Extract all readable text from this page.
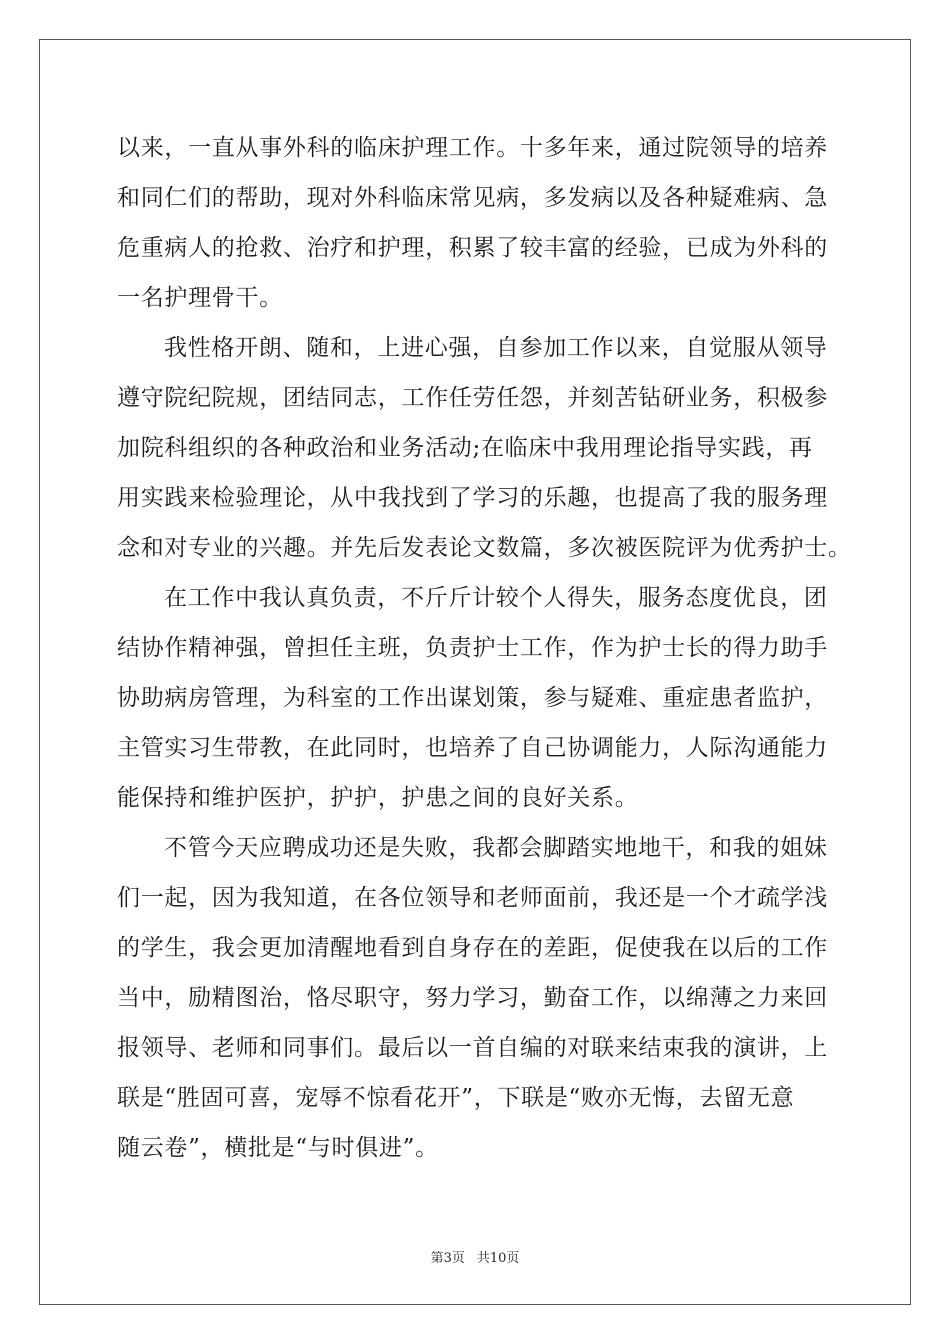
以来，一直从事外科的临床护理工作。十多年来，通过院领导的培养
和同仁们的帮助，现对外科临床常见病，多发病以及各种疑难病、急
危重病人的抢救、治疗和护理，积累了较丰富的经验，已成为外科的
一名护理骨干。
我性格开朗、随和，上进心强，自参加工作以来，自觉服从领导
遵守院纪院规，团结同志，工作任劳任怨，并刻苦钻研业务，积极参
加院科组织的各种政治和业务活动;在临床中我用理论指导实践，再
用实践来检验理论，从中我找到了学习的乐趣，也提高了我的服务理
念和对专业的兴趣。并先后发表论文数篇，多次被医院评为优秀护士。
在工作中我认真负责，不斤斤计较个人得失，服务态度优良，团
结协作精神强，曾担任主班，负责护士工作，作为护士长的得力助手
协助病房管理，为科室的工作出谋划策，参与疑难、重症患者监护，
主管实习生带教，在此同时，也培养了自己协调能力，人际沟通能力
能保持和维护医护，护护，护患之间的良好关系。
不管今天应聘成功还是失败，我都会脚踏实地地干，和我的姐妹
们一起，因为我知道，在各位领导和老师面前，我还是一个才疏学浅
的学生，我会更加清醒地看到自身存在的差距，促使我在以后的工作
当中，励精图治，恪尽职守，努力学习，勤奋工作，以绵薄之力来回
报领导、老师和同事们。最后以一首自编的对联来结束我的演讲，上
联是“胜固可喜，宠辱不惊看花开”，下联是“败亦无悔，去留无意
随云卷”，横批是“与时俱进”。
第3页 共10页
